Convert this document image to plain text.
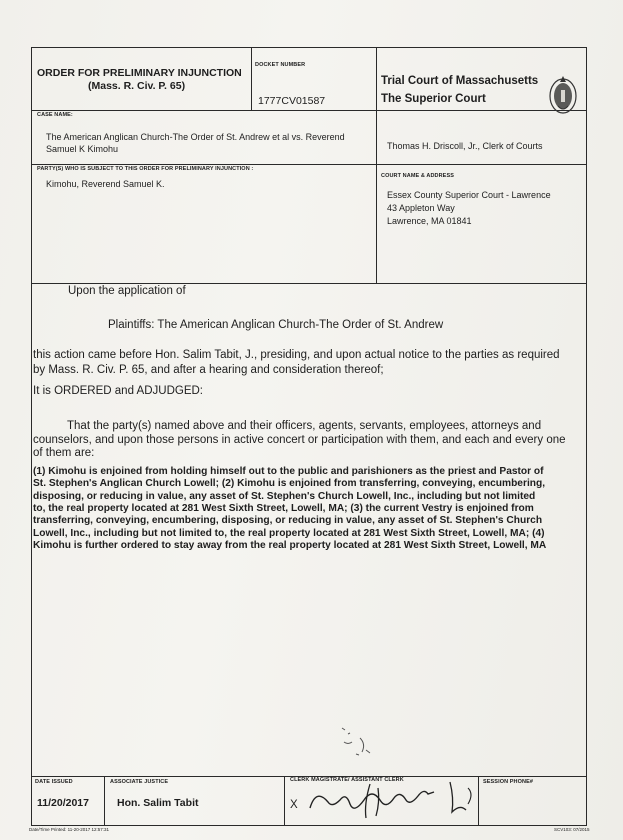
ORDER FOR PRELIMINARY INJUNCTION
(Mass. R. Civ. P. 65)
DOCKET NUMBER
1777CV01587
Trial Court of Massachusetts
The Superior Court
CASE NAME:
The American Anglican Church-The Order of St. Andrew et al vs. Reverend
Samuel K Kimohu	Thomas H. Driscoll, Jr., Clerk of Courts
PARTY(S) WHO IS SUBJECT TO THIS ORDER FOR PRELIMINARY INJUNCTION :
Kimohu, Reverend Samuel K.
COURT NAME & ADDRESS
Essex County Superior Court - Lawrence
43 Appleton Way
Lawrence, MA 01841
Upon the application of
Plaintiffs: The American Anglican Church-The Order of St. Andrew
this action came before Hon. Salim Tabit, J., presiding, and upon actual notice to the parties as required
by Mass. R. Civ. P. 65, and after a hearing and consideration thereof;
It is ORDERED and ADJUDGED:
That the party(s) named above and their officers, agents, servants, employees, attorneys and
counselors, and upon those persons in active concert or participation with them, and each and every one
of them are:
(1) Kimohu is enjoined from holding himself out to the public and parishioners as the priest and Pastor of
St. Stephen's Anglican Church Lowell; (2) Kimohu is enjoined from transferring, conveying, encumbering,
disposing, or reducing in value, any asset of St. Stephen's Church Lowell, Inc., including but not limited
to, the real property located at 281 West Sixth Street, Lowell, MA; (3) the current Vestry is enjoined from
transferring, conveying, encumbering, disposing, or reducing in value, any asset of St. Stephen's Church
Lowell, Inc., including but not limited to, the real property located at 281 West Sixth Street, Lowell, MA; (4)
Kimohu is further ordered to stay away from the real property located at 281 West Sixth Street, Lowell, MA
DATE ISSUED
11/20/2017
ASSOCIATE JUSTICE
Hon. Salim Tabit
CLERK MAGISTRATE/ ASSISTANT CLERK
X
SESSION PHONE#
Date/Time Printed: 11-20-2017 12:57:31	SCV103: 07/2015
